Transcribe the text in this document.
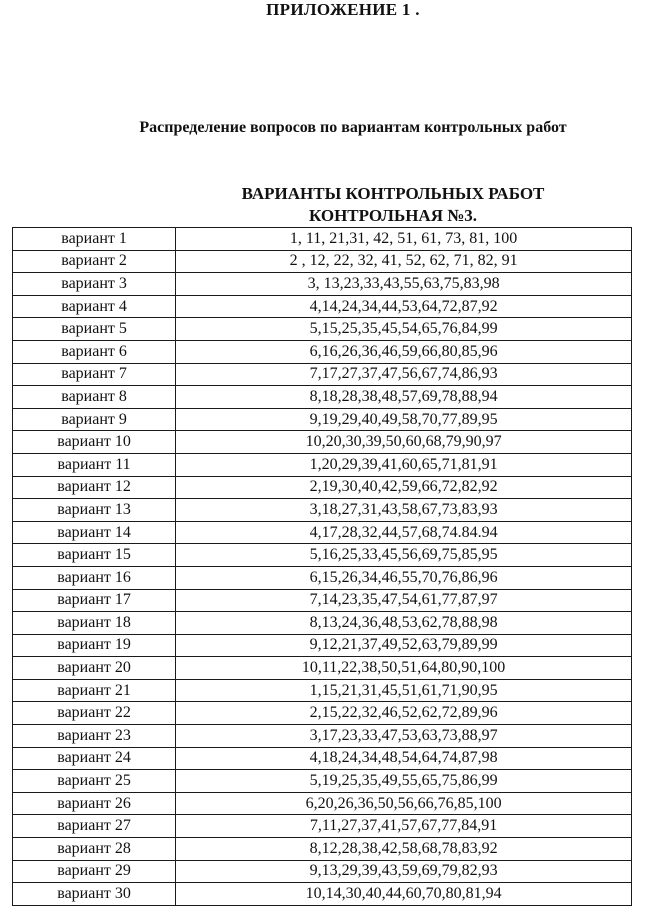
ПРИЛОЖЕНИЕ 1 .
Распределение вопросов по вариантам контрольных работ
ВАРИАНТЫ КОНТРОЛЬНЫХ РАБОТ
КОНТРОЛЬНАЯ №3.
вариант 1	1, 11, 21,31, 42, 51, 61, 73, 81, 100
вариант 2	2 , 12, 22, 32, 41, 52, 62, 71, 82, 91
вариант 3	3, 13,23,33,43,55,63,75,83,98
вариант 4	4,14,24,34,44,53,64,72,87,92
вариант 5	5,15,25,35,45,54,65,76,84,99
вариант 6	6,16,26,36,46,59,66,80,85,96
вариант 7	7,17,27,37,47,56,67,74,86,93
вариант 8	8,18,28,38,48,57,69,78,88,94
вариант 9	9,19,29,40,49,58,70,77,89,95
вариант 10	10,20,30,39,50,60,68,79,90,97
вариант 11	1,20,29,39,41,60,65,71,81,91
вариант 12	2,19,30,40,42,59,66,72,82,92
вариант 13	3,18,27,31,43,58,67,73,83,93
вариант 14	4,17,28,32,44,57,68,74.84.94
вариант 15	5,16,25,33,45,56,69,75,85,95
вариант 16	6,15,26,34,46,55,70,76,86,96
вариант 17	7,14,23,35,47,54,61,77,87,97
вариант 18	8,13,24,36,48,53,62,78,88,98
вариант 19	9,12,21,37,49,52,63,79,89,99
вариант 20	10,11,22,38,50,51,64,80,90,100
вариант 21	1,15,21,31,45,51,61,71,90,95
вариант 22	2,15,22,32,46,52,62,72,89,96
вариант 23	3,17,23,33,47,53,63,73,88,97
вариант 24	4,18,24,34,48,54,64,74,87,98
вариант 25	5,19,25,35,49,55,65,75,86,99
вариант 26	6,20,26,36,50,56,66,76,85,100
вариант 27	7,11,27,37,41,57,67,77,84,91
вариант 28	8,12,28,38,42,58,68,78,83,92
вариант 29	9,13,29,39,43,59,69,79,82,93
вариант 30	10,14,30,40,44,60,70,80,81,94
